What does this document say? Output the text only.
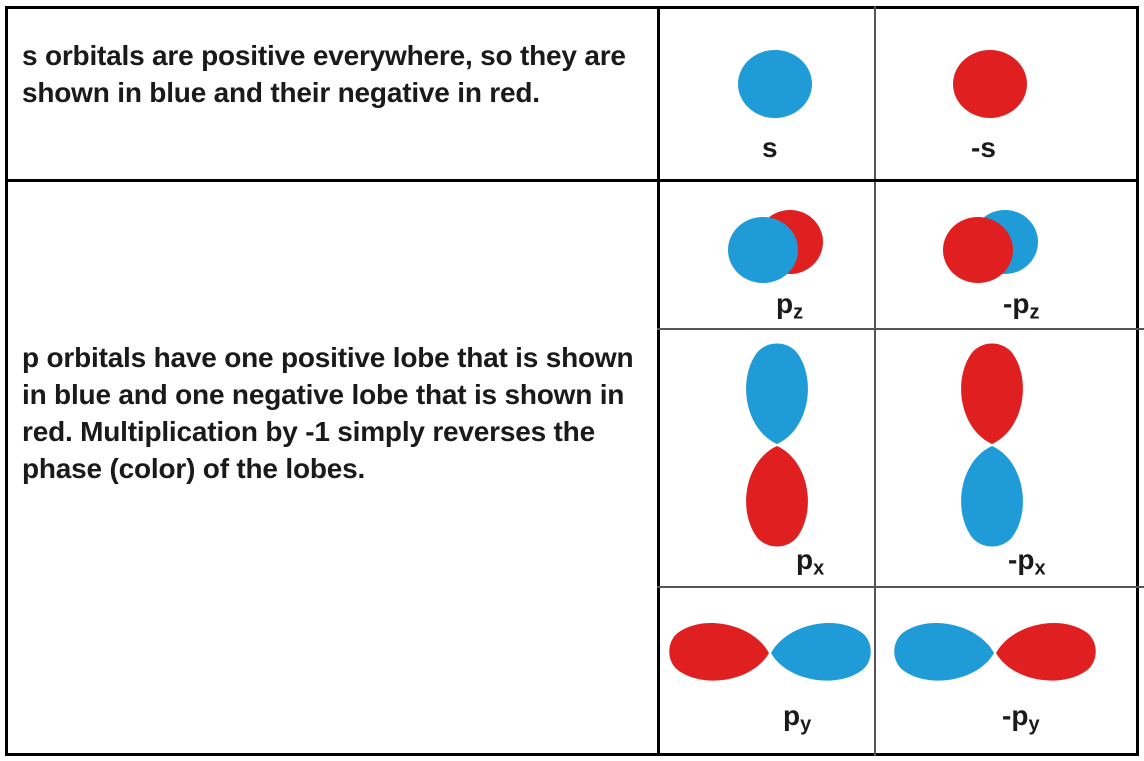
s orbitals are positive everywhere, so they are shown in blue and their negative in red.
p orbitals have one positive lobe that is shown in blue and one negative lobe that is shown in red. Multiplication by -1 simply reverses the phase (color) of the lobes.
s	-s
$p_z$	$-p_z$
$p_x$	$-p_x$
$p_y$	$-p_y$
